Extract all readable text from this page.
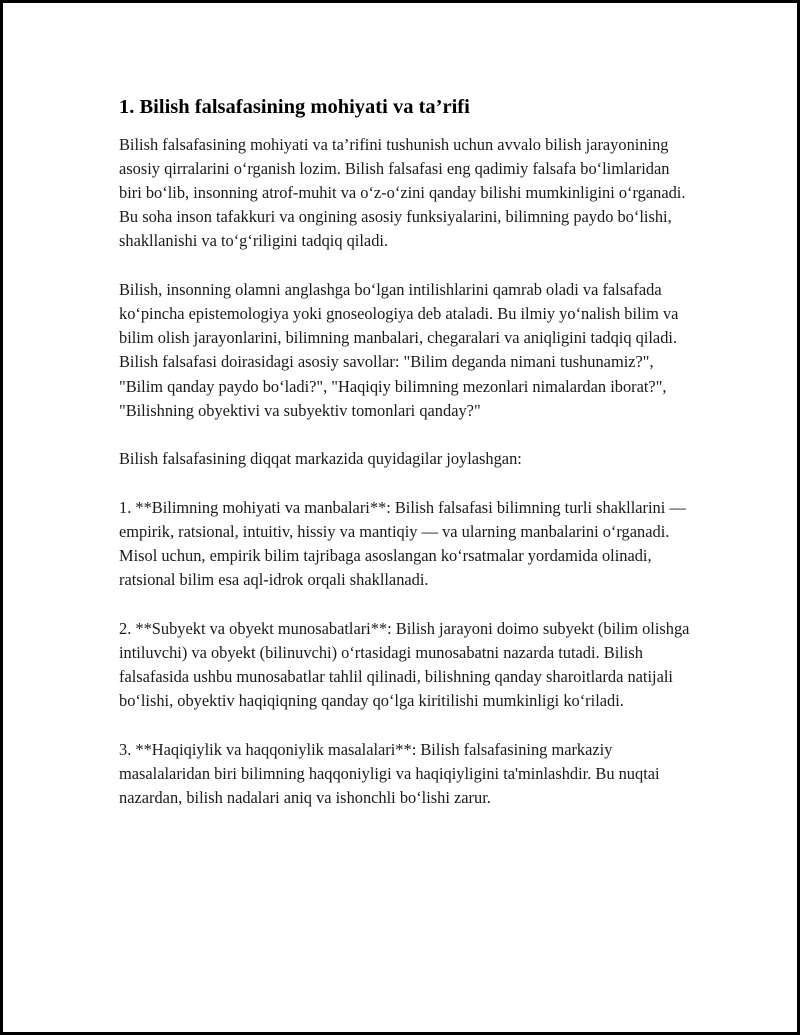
1. Bilish falsafasining mohiyati va ta’rifi

Bilish falsafasining mohiyati va ta’rifini tushunish uchun avvalo bilish jarayonining asosiy qirralarini o‘rganish lozim. Bilish falsafasi eng qadimiy falsafa bo‘limlaridan biri bo‘lib, insonning atrof-muhit va o‘z-o‘zini qanday bilishi mumkinligini o‘rganadi. Bu soha inson tafakkuri va ongining asosiy funksiyalarini, bilimning paydo bo‘lishi, shakllanishi va to‘g‘riligini tadqiq qiladi.

Bilish, insonning olamni anglashga bo‘lgan intilishlarini qamrab oladi va falsafada ko‘pincha epistemologiya yoki gnoseologiya deb ataladi. Bu ilmiy yo‘nalish bilim va bilim olish jarayonlarini, bilimning manbalari, chegaralari va aniqligini tadqiq qiladi. Bilish falsafasi doirasidagi asosiy savollar: "Bilim deganda nimani tushunamiz?", "Bilim qanday paydo bo‘ladi?", "Haqiqiy bilimning mezonlari nimalardan iborat?", "Bilishning obyektivi va subyektiv tomonlari qanday?"

Bilish falsafasining diqqat markazida quyidagilar joylashgan:

1. **Bilimning mohiyati va manbalari**: Bilish falsafasi bilimning turli shakllarini — empirik, ratsional, intuitiv, hissiy va mantiqiy — va ularning manbalarini o‘rganadi. Misol uchun, empirik bilim tajribaga asoslangan ko‘rsatmalar yordamida olinadi, ratsional bilim esa aql-idrok orqali shakllanadi.

2. **Subyekt va obyekt munosabatlari**: Bilish jarayoni doimo subyekt (bilim olishga intiluvchi) va obyekt (bilinuvchi) o‘rtasidagi munosabatni nazarda tutadi. Bilish falsafasida ushbu munosabatlar tahlil qilinadi, bilishning qanday sharoitlarda natijali bo‘lishi, obyektiv haqiqiqning qanday qo‘lga kiritilishi mumkinligi ko‘riladi.

3. **Haqiqiylik va haqqoniylik masalalari**: Bilish falsafasining markaziy masalalaridan biri bilimning haqqoniyligi va haqiqiyligini ta'minlashdir. Bu nuqtai nazardan, bilish nadalari aniq va ishonchli bo‘lishi zarur.
